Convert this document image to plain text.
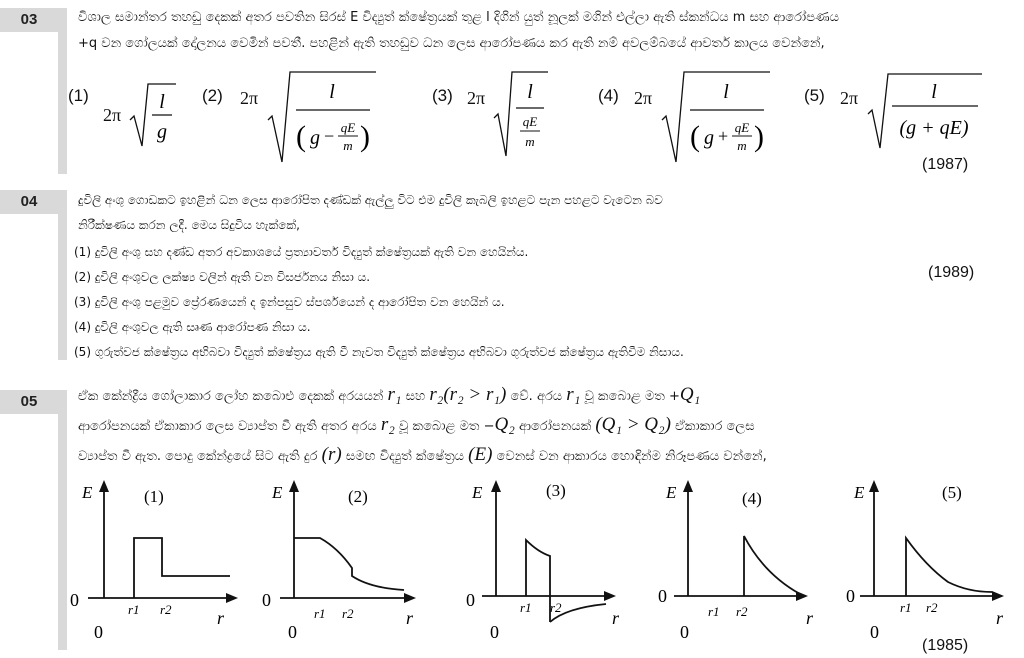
03	විශාල සමාන්තර තහඩු දෙකක් අතර පවතින සිරස් E විද්‍යුත් ක්ෂේත්‍රයක් තුළ l දිගින් යුත් නූලක් මගින් එල්ලා ඇති ස්කන්ධය m සහ ආරෝපණය
+q වන ගෝලයක් දෝලනය වෙමින් පවතී. පහළින් ඇති තහඩුව ධන ලෙස ආරෝපණය කර ඇති නම් අවලම්බයේ ආවර්ත කාලය වෙන්නේ,
(1)
2π
l
g
(2) 2π	l
( g − qE
m )
(3) 2π l
qE
m
(4) 2π	l
( g + qE
m )
(5) 2π	l
(g + qE)
(1987)
04	දුවිලි අංශු ගොඩකට ඉහළින් ධන ලෙස ආරෝපිත දණ්ඩක් ඇල්ලු විට එම දුවිලි කැබලි ඉහළට පැන පහළට වැටෙන බව
නිරීක්ෂණය කරන ලදී. මෙය සිදුවිය හැක්කේ,
(1) දුවිලි අංශු සහ දණ්ඩ අතර අවකාශයේ ප්‍රත්‍යාවර්ත විද්‍යුත් ක්ෂේත්‍රයක් ඇති වන හෙයින්ය.
(2) දුවිලි අංශුවල ලක්ෂ්‍ය වලින් ඇති වන විසර්ජනය නිසා ය.
(3) දුවිලි අංශු පළමුව ප්‍රේරණයෙන් ද ඉන්පසුව ස්පර්ශයෙන් ද ආරෝපිත වන හෙයින් ය.
(4) දුවිලි අංශුවල ඇති සෘණ ආරෝපණ නිසා ය.
(5) ගුරුත්වජ ක්ෂේත්‍රය අභිබවා විද්‍යුත් ක්ෂේත්‍රය ඇති වී නැවත විද්‍යුත් ක්ෂේත්‍රය අභිබවා ගුරුත්වජ ක්ෂේත්‍රය ඇතිවීම නිසාය.
(1989)
05	ඒක කේන්ද්‍රීය ගෝලාකාර ලෝහ කබොළු දෙකක් අරයයන් r₁ සහ r₂(r₂ > r₁) වේ. අරය r₁ වූ කබොළ මත +Q₁
ආරෝපනයක් ඒකාකාර ලෙස ව්‍යාප්ත වී ඇති අතර අරය r₂ වූ කබොළ මත −Q₂ ආරෝපනයක් (Q₁ > Q₂) ඒකාකාර ලෙස
ව්‍යාප්ත වී ඇත. පොදු කේන්ද්‍රයේ සිට ඇති දුර (r) සමඟ විද්‍යුත් ක්ෂේත්‍රය (E) වෙනස් වන ආකාරය හොඳින්ම නිරූපණය වන්නේ,
E	(1)
0
0
r
r1 r2
E	(2)
0
0
r
r1 r2
E	(3)
0
0
r
r1 r2
E	(4)
0
0
r
r1 r2
E	(5)
0
0
r
r1 r2
(1985)
